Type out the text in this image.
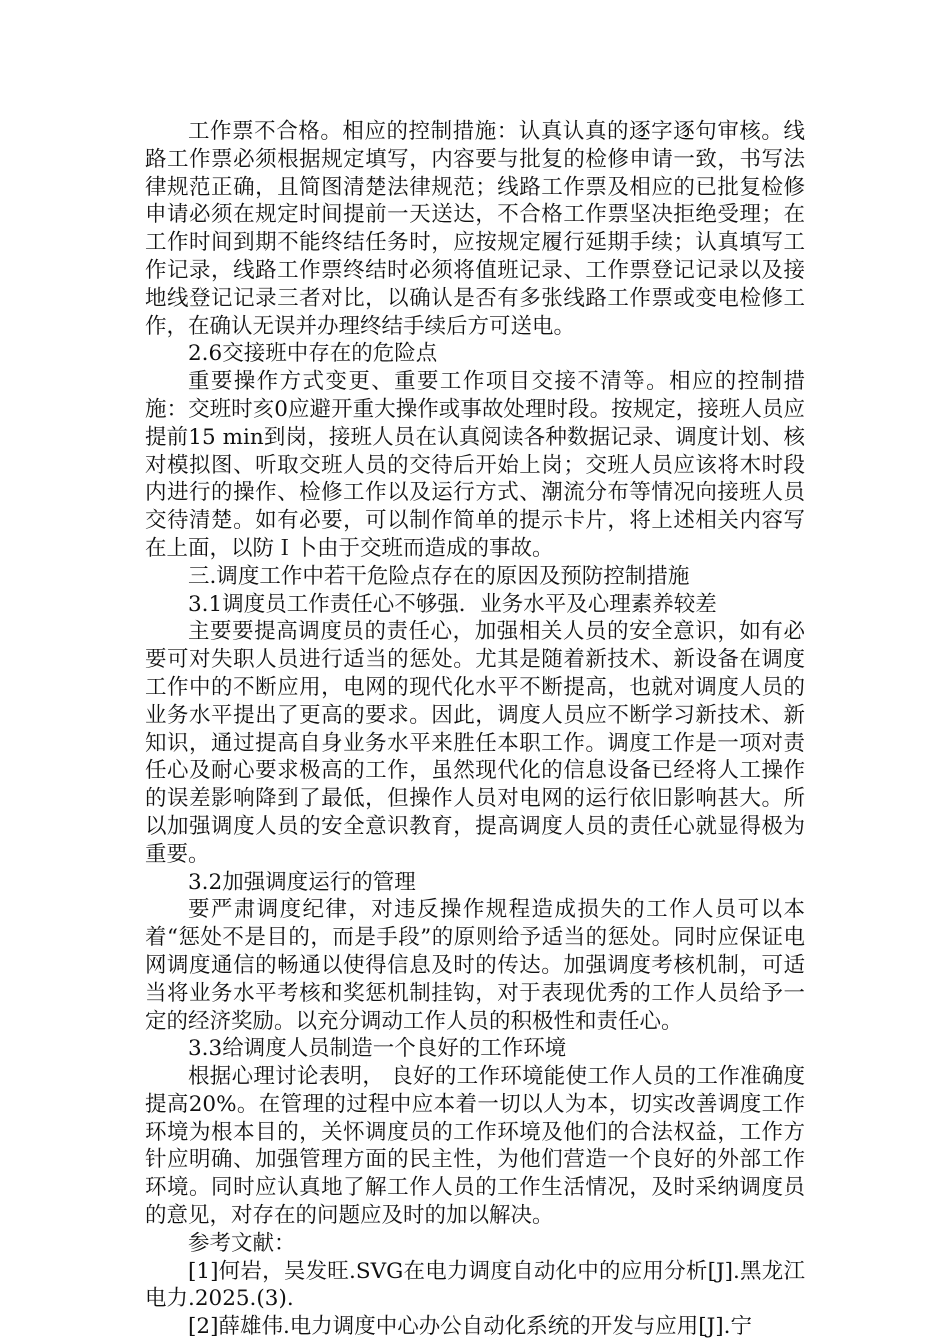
工作票不合格。相应的控制措施：认真认真的逐字逐句审核。线路工作票必须根据规定填写，内容要与批复的检修申请一致，书写法律规范正确，且简图清楚法律规范；线路工作票及相应的已批复检修申请必须在规定时间提前一天送达，不合格工作票坚决拒绝受理；在工作时间到期不能终结任务时，应按规定履行延期手续；认真填写工作记录，线路工作票终结时必须将值班记录、工作票登记记录以及接地线登记记录三者对比，以确认是否有多张线路工作票或变电检修工作，在确认无误并办理终结手续后方可送电。

2.6交接班中存在的危险点

重要操作方式变更、重要工作项目交接不清等。相应的控制措施：交班时亥0应避开重大操作或事故处理时段。按规定，接班人员应提前15 min到岗，接班人员在认真阅读各种数据记录、调度计划、核对模拟图、听取交班人员的交待后开始上岗；交班人员应该将木时段内进行的操作、检修工作以及运行方式、潮流分布等情况向接班人员交待清楚。如有必要，可以制作简单的提示卡片，将上述相关内容写在上面，以防Ｉ卜由于交班而造成的事故。

三.调度工作中若干危险点存在的原因及预防控制措施

3.1调度员工作责任心不够强．业务水平及心理素养较差

主要要提高调度员的责任心，加强相关人员的安全意识，如有必要可对失职人员进行适当的惩处。尤其是随着新技术、新设备在调度工作中的不断应用，电网的现代化水平不断提高，也就对调度人员的业务水平提出了更高的要求。因此，调度人员应不断学习新技术、新知识，通过提高自身业务水平来胜任本职工作。调度工作是一项对责任心及耐心要求极高的工作，虽然现代化的信息设备已经将人工操作的误差影响降到了最低，但操作人员对电网的运行依旧影响甚大。所以加强调度人员的安全意识教育，提高调度人员的责任心就显得极为重要。

3.2加强调度运行的管理

要严肃调度纪律，对违反操作规程造成损失的工作人员可以本着“惩处不是目的，而是手段”的原则给予适当的惩处。同时应保证电网调度通信的畅通以使得信息及时的传达。加强调度考核机制，可适当将业务水平考核和奖惩机制挂钩，对于表现优秀的工作人员给予一定的经济奖励。以充分调动工作人员的积极性和责任心。

3.3给调度人员制造一个良好的工作环境

根据心理讨论表明， 良好的工作环境能使工作人员的工作准确度提高20%。在管理的过程中应本着一切以人为本，切实改善调度工作环境为根本目的，关怀调度员的工作环境及他们的合法权益，工作方针应明确、加强管理方面的民主性，为他们营造一个良好的外部工作环境。同时应认真地了解工作人员的工作生活情况，及时采纳调度员的意见，对存在的问题应及时的加以解决。

参考文献：

[1]何岩，吴发旺.SVG在电力调度自动化中的应用分析[J].黑龙江电力.2025.(3).

[2]薛雄伟.电力调度中心办公自动化系统的开发与应用[J].宁
